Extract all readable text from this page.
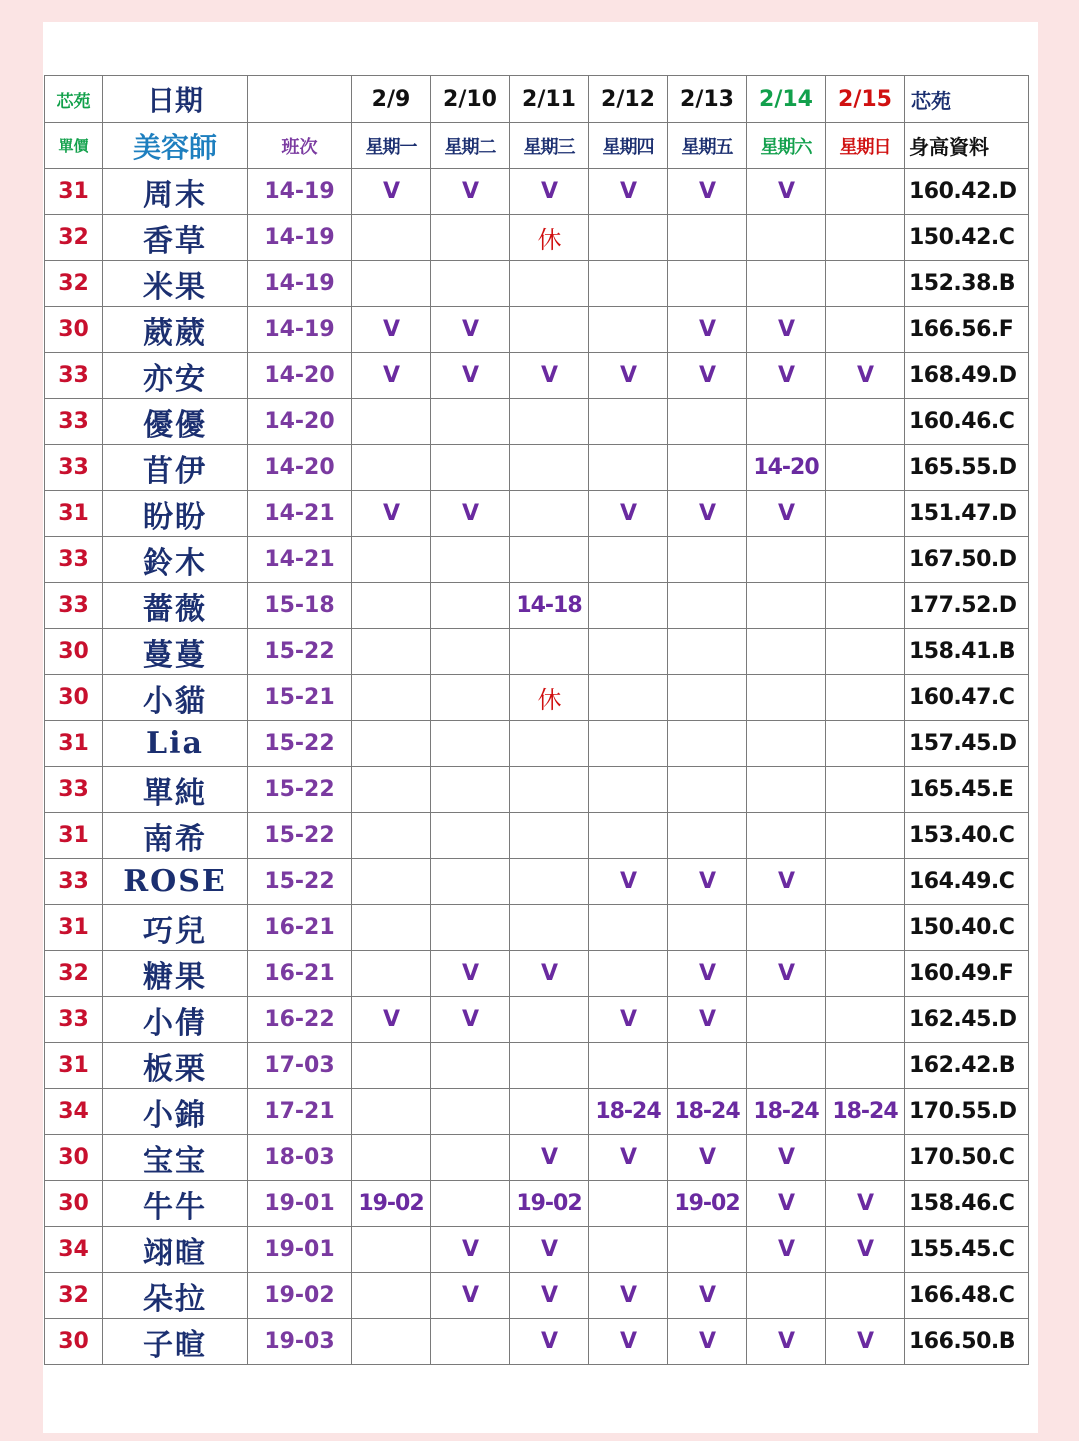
芯苑	日期		2/9	2/10	2/11	2/12	2/13	2/14	2/15	芯苑
單價	美容師	班次	星期一	星期二	星期三	星期四	星期五	星期六	星期日	身高資料
31	周末	14-19	V	V	V	V	V	V		160.42.D
32	香草	14-19			休					150.42.C
32	米果	14-19								152.38.B
30	葳葳	14-19	V	V			V	V		166.56.F
33	亦安	14-20	V	V	V	V	V	V	V	168.49.D
33	優優	14-20								160.46.C
33	苜伊	14-20						14-20		165.55.D
31	盼盼	14-21	V	V		V	V	V		151.47.D
33	鈴木	14-21								167.50.D
33	薔薇	15-18			14-18					177.52.D
30	蔓蔓	15-22								158.41.B
30	小貓	15-21			休					160.47.C
31	Lia	15-22								157.45.D
33	單純	15-22								165.45.E
31	南希	15-22								153.40.C
33	ROSE	15-22				V	V	V		164.49.C
31	巧兒	16-21								150.40.C
32	糖果	16-21		V	V		V	V		160.49.F
33	小倩	16-22	V	V		V	V			162.45.D
31	板栗	17-03								162.42.B
34	小錦	17-21				18-24	18-24	18-24	18-24	170.55.D
30	宝宝	18-03			V	V	V	V		170.50.C
30	牛牛	19-01	19-02		19-02		19-02	V	V	158.46.C
34	翊暄	19-01		V	V			V	V	155.45.C
32	朵拉	19-02		V	V	V	V			166.48.C
30	子暄	19-03			V	V	V	V	V	166.50.B
